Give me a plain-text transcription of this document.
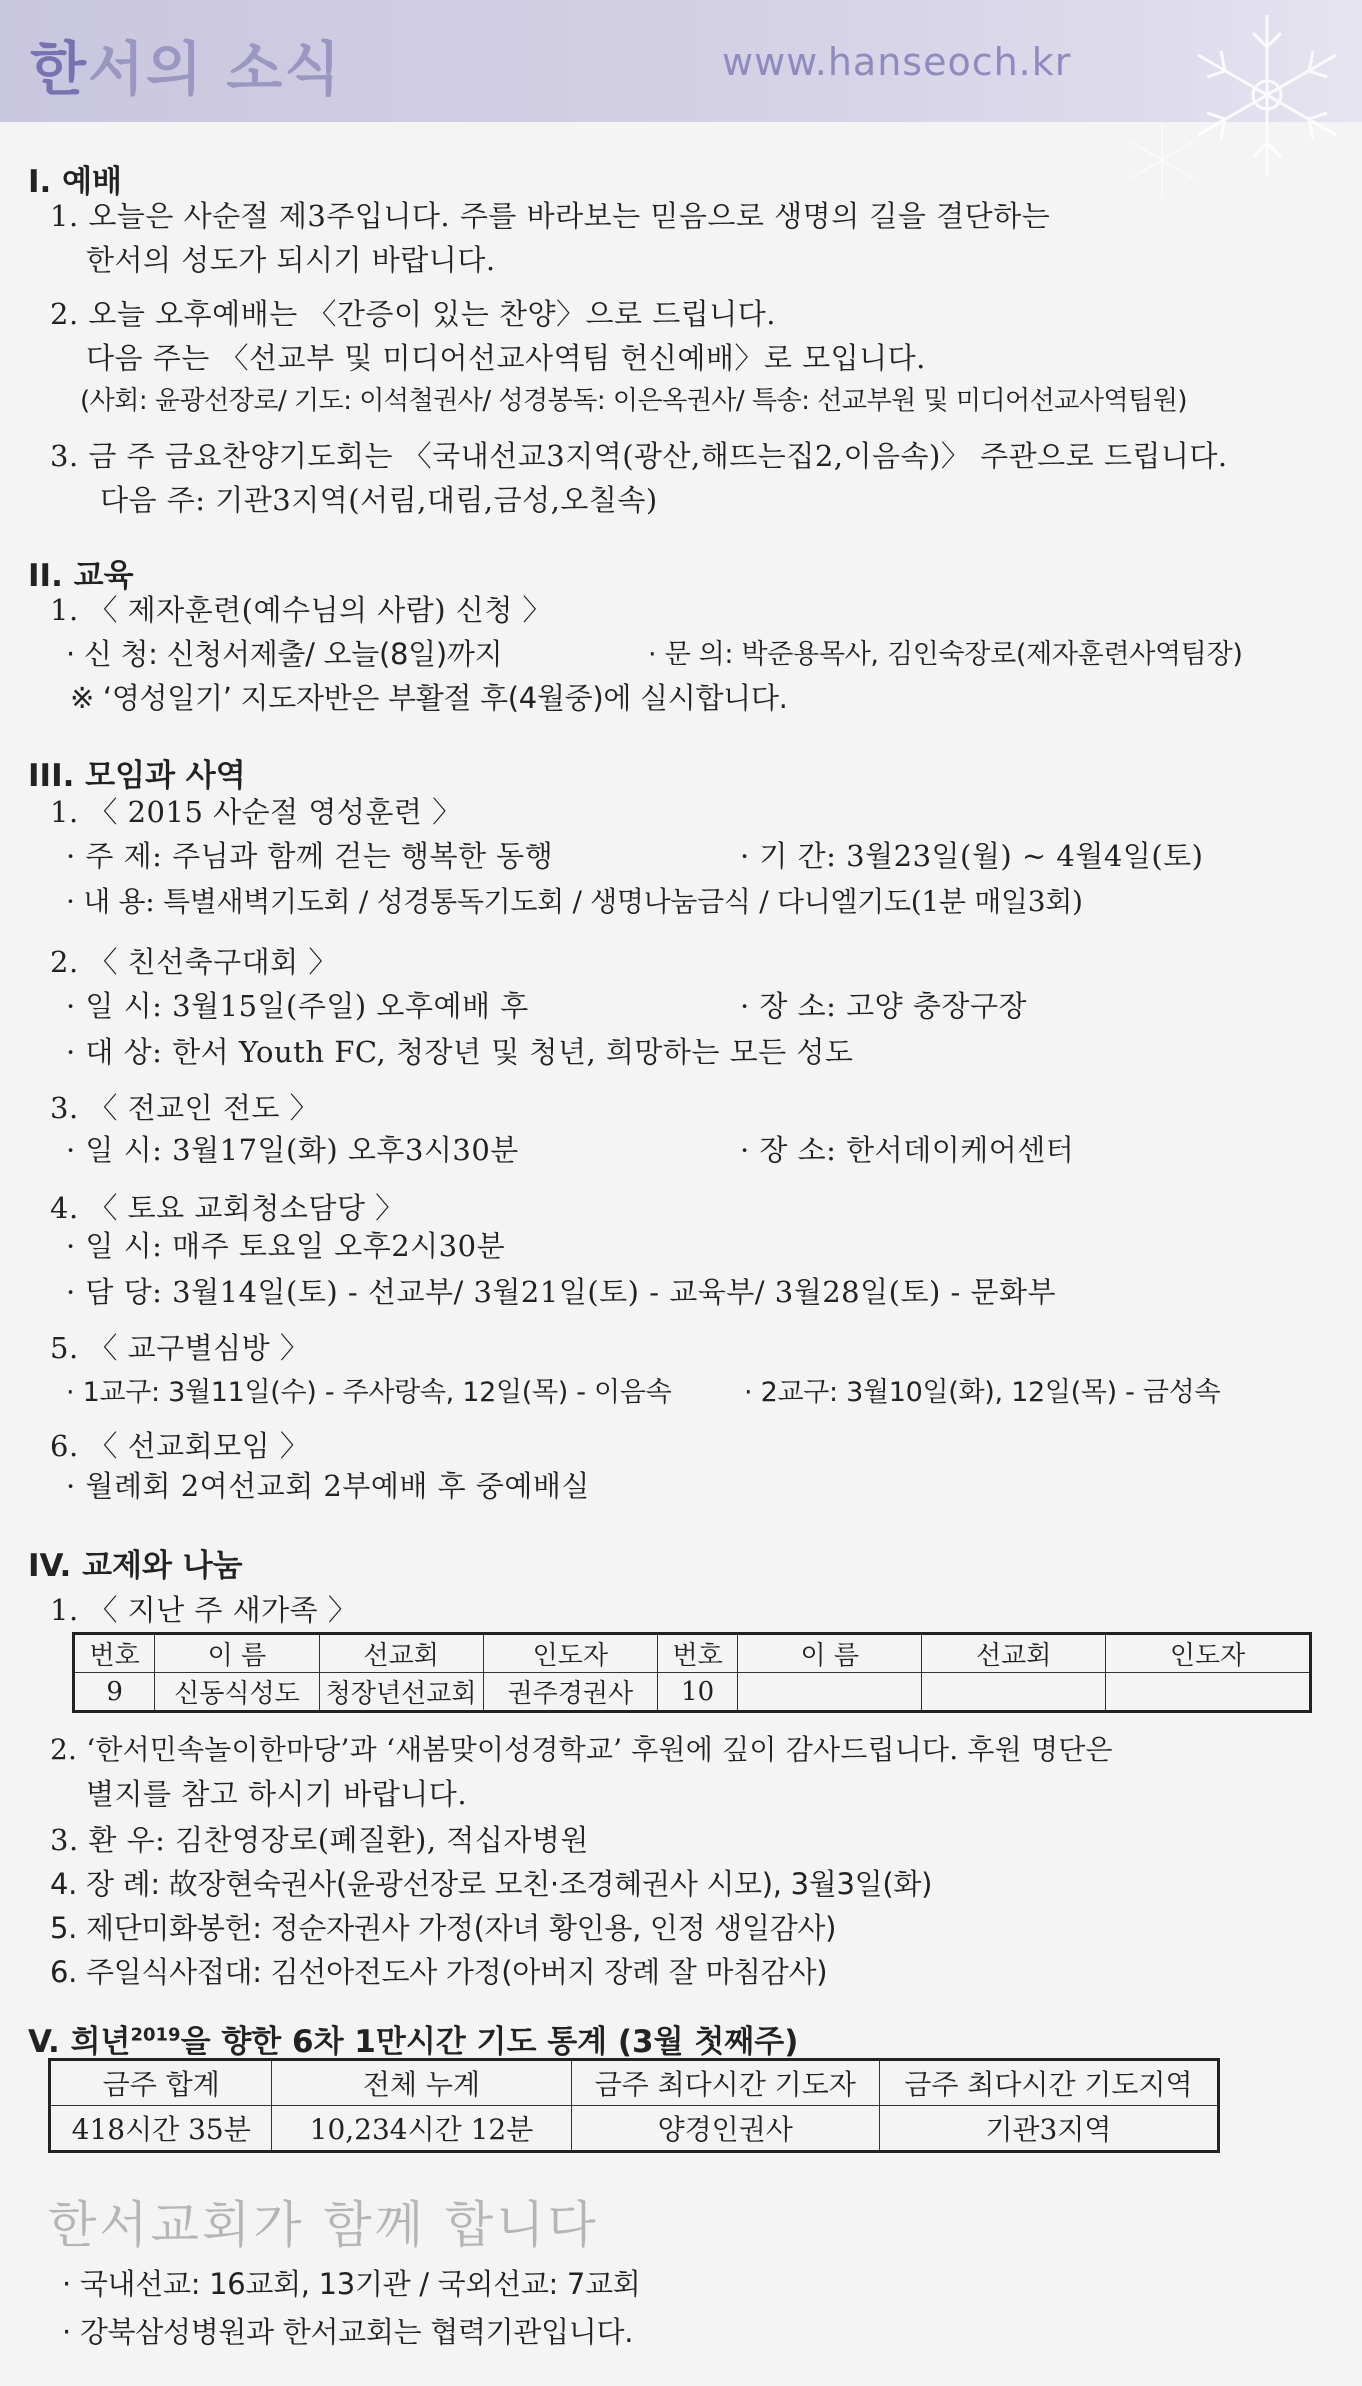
한서의 소식	www.hanseoch.kr
I. 예배
1. 오늘은 사순절 제3주입니다. 주를 바라보는 믿음으로 생명의 길을 결단하는
한서의 성도가 되시기 바랍니다.
2. 오늘 오후예배는 〈간증이 있는 찬양〉으로 드립니다.
다음 주는 〈선교부 및 미디어선교사역팀 헌신예배〉로 모입니다.
(사회: 윤광선장로/ 기도: 이석철권사/ 성경봉독: 이은옥권사/ 특송: 선교부원 및 미디어선교사역팀원)
3. 금 주 금요찬양기도회는 〈국내선교3지역(광산,해뜨는집2,이음속)〉 주관으로 드립니다.
다음 주: 기관3지역(서림,대림,금성,오칠속)
II. 교육
1. 〈 제자훈련(예수님의 사람) 신청 〉
· 신 청: 신청서제출/ 오늘(8일)까지	· 문 의: 박준용목사, 김인숙장로(제자훈련사역팀장)
※ ‘영성일기’ 지도자반은 부활절 후(4월중)에 실시합니다.
III. 모임과 사역
1. 〈 2015 사순절 영성훈련 〉
· 주 제: 주님과 함께 걷는 행복한 동행	· 기 간: 3월23일(월) ~ 4월4일(토)
· 내 용: 특별새벽기도회 / 성경통독기도회 / 생명나눔금식 / 다니엘기도(1분 매일3회)
2. 〈 친선축구대회 〉
· 일 시: 3월15일(주일) 오후예배 후	· 장 소: 고양 충장구장
· 대 상: 한서 Youth FC, 청장년 및 청년, 희망하는 모든 성도
3. 〈 전교인 전도 〉
· 일 시: 3월17일(화) 오후3시30분	· 장 소: 한서데이케어센터
4. 〈 토요 교회청소담당 〉
· 일 시: 매주 토요일 오후2시30분
· 담 당: 3월14일(토) - 선교부/ 3월21일(토) - 교육부/ 3월28일(토) - 문화부
5. 〈 교구별심방 〉
· 1교구: 3월11일(수) - 주사랑속, 12일(목) - 이음속	· 2교구: 3월10일(화), 12일(목) - 금성속
6. 〈 선교회모임 〉
· 월례회 2여선교회 2부예배 후 중예배실
IV. 교제와 나눔
1. 〈 지난 주 새가족 〉
번호	이 름	선교회	인도자	번호	이 름	선교회	인도자
9	신동식성도	청장년선교회	권주경권사	10			
2. ‘한서민속놀이한마당’과 ‘새봄맞이성경학교’ 후원에 깊이 감사드립니다. 후원 명단은
별지를 참고 하시기 바랍니다.
3. 환 우: 김찬영장로(폐질환), 적십자병원
4. 장 례: 故장현숙권사(윤광선장로 모친·조경혜권사 시모), 3월3일(화)
5. 제단미화봉헌: 정순자권사 가정(자녀 황인용, 인정 생일감사)
6. 주일식사접대: 김선아전도사 가정(아버지 장례 잘 마침감사)
V. 희년$^{2019}$을 향한 6차 1만시간 기도 통계 (3월 첫째주)
금주 합계	전체 누계	금주 최다시간 기도자	금주 최다시간 기도지역
418시간 35분	10,234시간 12분	양경인권사	기관3지역
한서교회가 함께 합니다
· 국내선교: 16교회, 13기관 / 국외선교: 7교회
· 강북삼성병원과 한서교회는 협력기관입니다.
